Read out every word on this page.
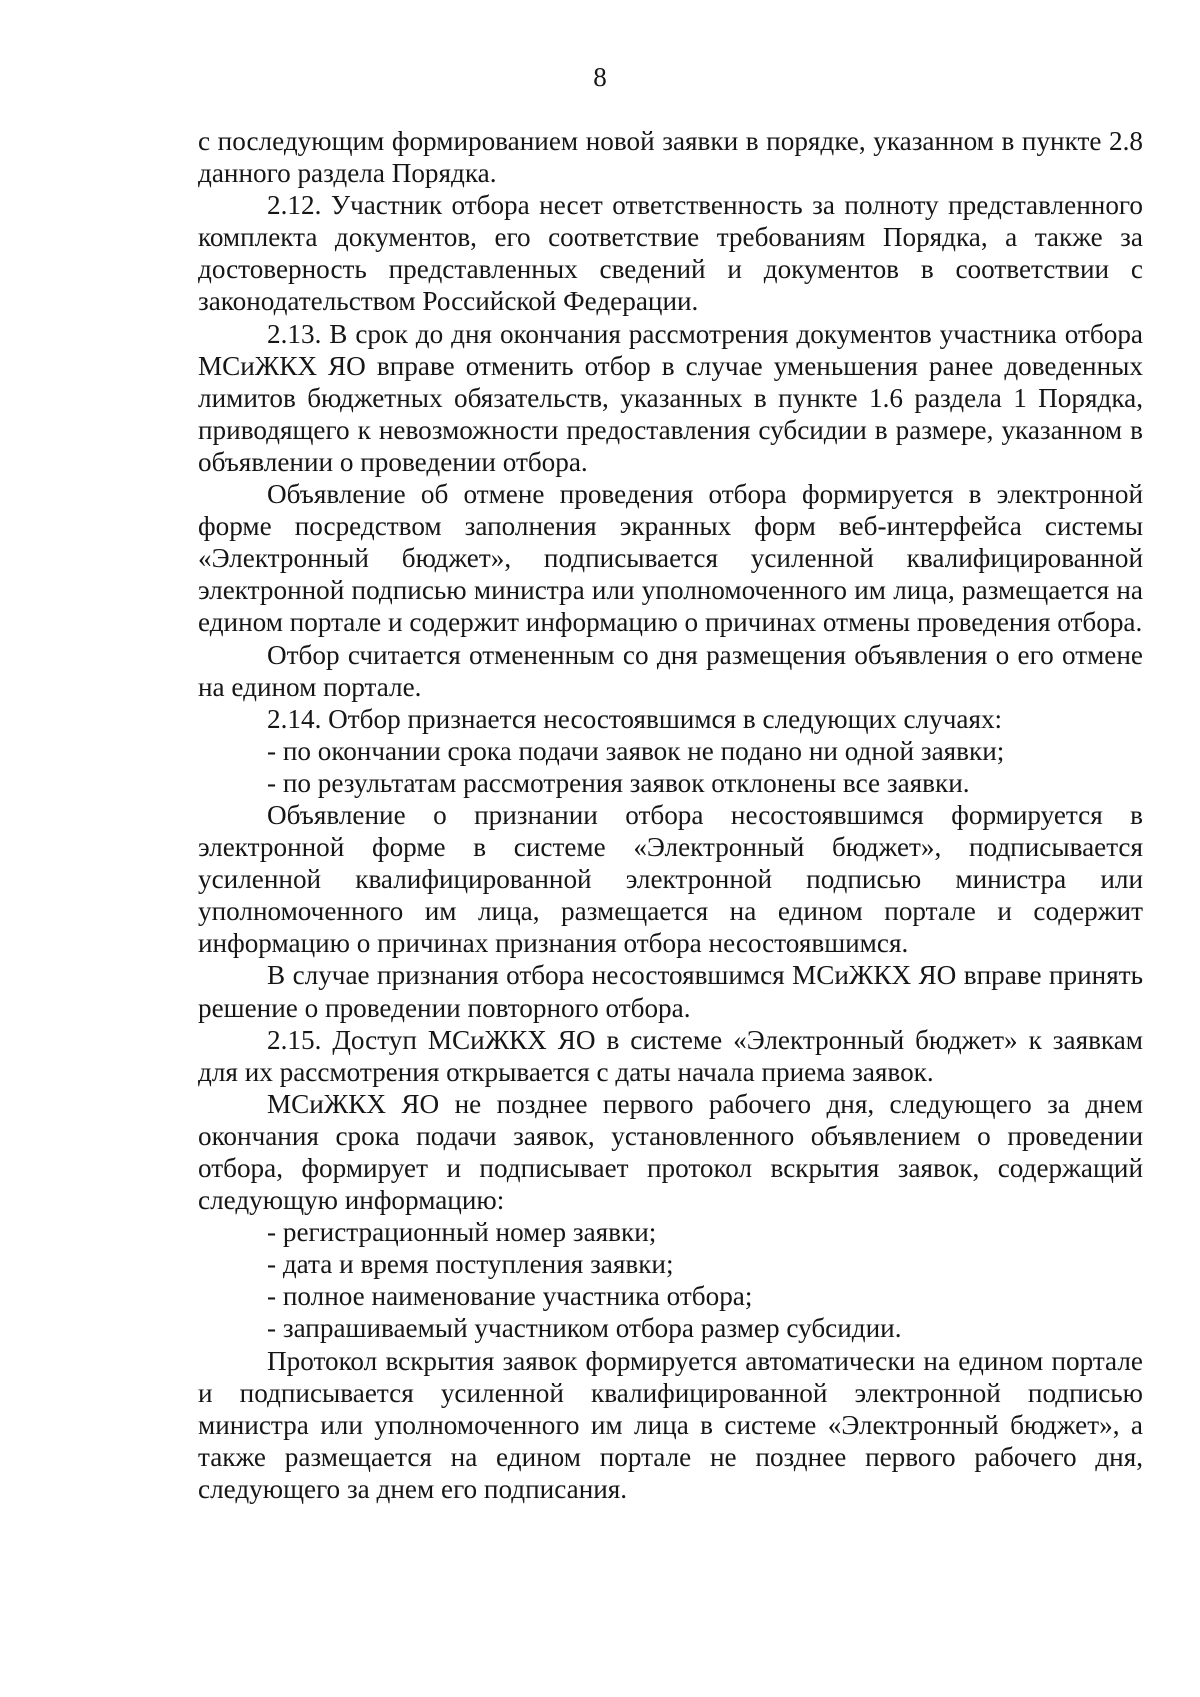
8

с последующим формированием новой заявки в порядке, указанном в пункте 2.8 данного раздела Порядка.

2.12. Участник отбора несет ответственность за полноту представленного комплекта документов, его соответствие требованиям Порядка, а также за достоверность представленных сведений и документов в соответствии с законодательством Российской Федерации.

2.13. В срок до дня окончания рассмотрения документов участника отбора МСиЖКХ ЯО вправе отменить отбор в случае уменьшения ранее доведенных лимитов бюджетных обязательств, указанных в пункте 1.6 раздела 1 Порядка, приводящего к невозможности предоставления субсидии в размере, указанном в объявлении о проведении отбора.

Объявление об отмене проведения отбора формируется в электронной форме посредством заполнения экранных форм веб-интерфейса системы «Электронный бюджет», подписывается усиленной квалифицированной электронной подписью министра или уполномоченного им лица, размещается на едином портале и содержит информацию о причинах отмены проведения отбора.

Отбор считается отмененным со дня размещения объявления о его отмене на едином портале.

2.14. Отбор признается несостоявшимся в следующих случаях:

- по окончании срока подачи заявок не подано ни одной заявки;

- по результатам рассмотрения заявок отклонены все заявки.

Объявление о признании отбора несостоявшимся формируется в электронной форме в системе «Электронный бюджет», подписывается усиленной квалифицированной электронной подписью министра или уполномоченного им лица, размещается на едином портале и содержит информацию о причинах признания отбора несостоявшимся.

В случае признания отбора несостоявшимся МСиЖКХ ЯО вправе принять решение о проведении повторного отбора.

2.15. Доступ МСиЖКХ ЯО в системе «Электронный бюджет» к заявкам для их рассмотрения открывается с даты начала приема заявок.

МСиЖКХ ЯО не позднее первого рабочего дня, следующего за днем окончания срока подачи заявок, установленного объявлением о проведении отбора, формирует и подписывает протокол вскрытия заявок, содержащий следующую информацию:

- регистрационный номер заявки;

- дата и время поступления заявки;

- полное наименование участника отбора;

- запрашиваемый участником отбора размер субсидии.

Протокол вскрытия заявок формируется автоматически на едином портале и подписывается усиленной квалифицированной электронной подписью министра или уполномоченного им лица в системе «Электронный бюджет», а также размещается на едином портале не позднее первого рабочего дня, следующего за днем его подписания.
